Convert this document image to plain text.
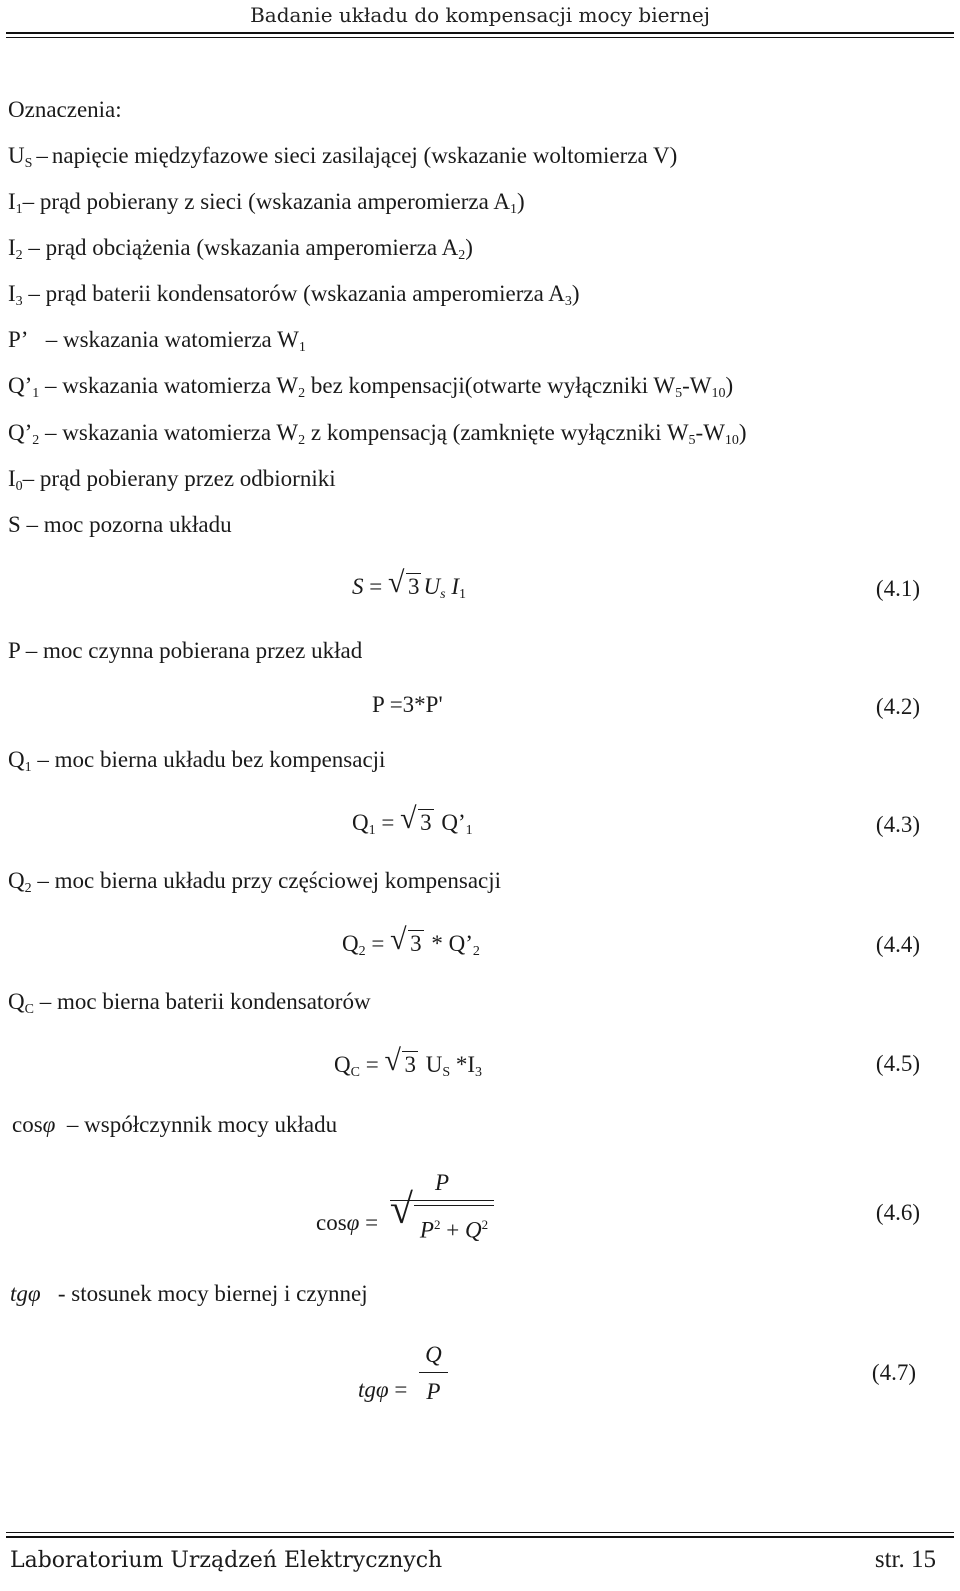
Badanie układu do kompensacji mocy biernej
Oznaczenia:
$U_S$ – napięcie międzyfazowe sieci zasilającej (wskazanie woltomierza V)
$I_1-$ prąd pobierany z sieci (wskazania amperomierza $A_1$)
$I_2$ – prąd obciążenia (wskazania amperomierza $A_2$)
$I_3$ – prąd baterii kondensatorów (wskazania amperomierza $A_3$)
P’   – wskazania watomierza $W_1$
$Q’_1$ – wskazania watomierza $W_2$ bez kompensacji(otwarte wyłączniki $W_5-W_{10}$)
$Q’_2$ – wskazania watomierza $W_2$ z kompensacją (zamknięte wyłączniki $W_5-W_{10}$)
$I_0-$ prąd pobierany przez odbiorniki
S – moc pozorna układu
S = √ 3 $U_s$ $I_1$	(4.1)
P – moc czynna pobierana przez układ
P =3*P'	(4.2)
$Q_1$ – moc bierna układu bez kompensacji
$Q_1$ = √ 3 $Q’_1$	(4.3)
$Q_2$ – moc bierna układu przy częściowej kompensacji
$Q_2$ = √ $3 * Q’_2$	(4.4)
$Q_C$ – moc bierna baterii kondensatorów
$Q_C$ = √ 3 $U_S$ $*I_3$	(4.5)
cosφ  – współczynnik mocy układu
cosφ = P
√ $P^2 + Q^2$	(4.6)
tgφ - stosunek mocy biernej i czynnej
$tg\varphi = \frac{Q}{P}$	(4.7)
Laboratorium Urządzeń Elektrycznych	str. 15
